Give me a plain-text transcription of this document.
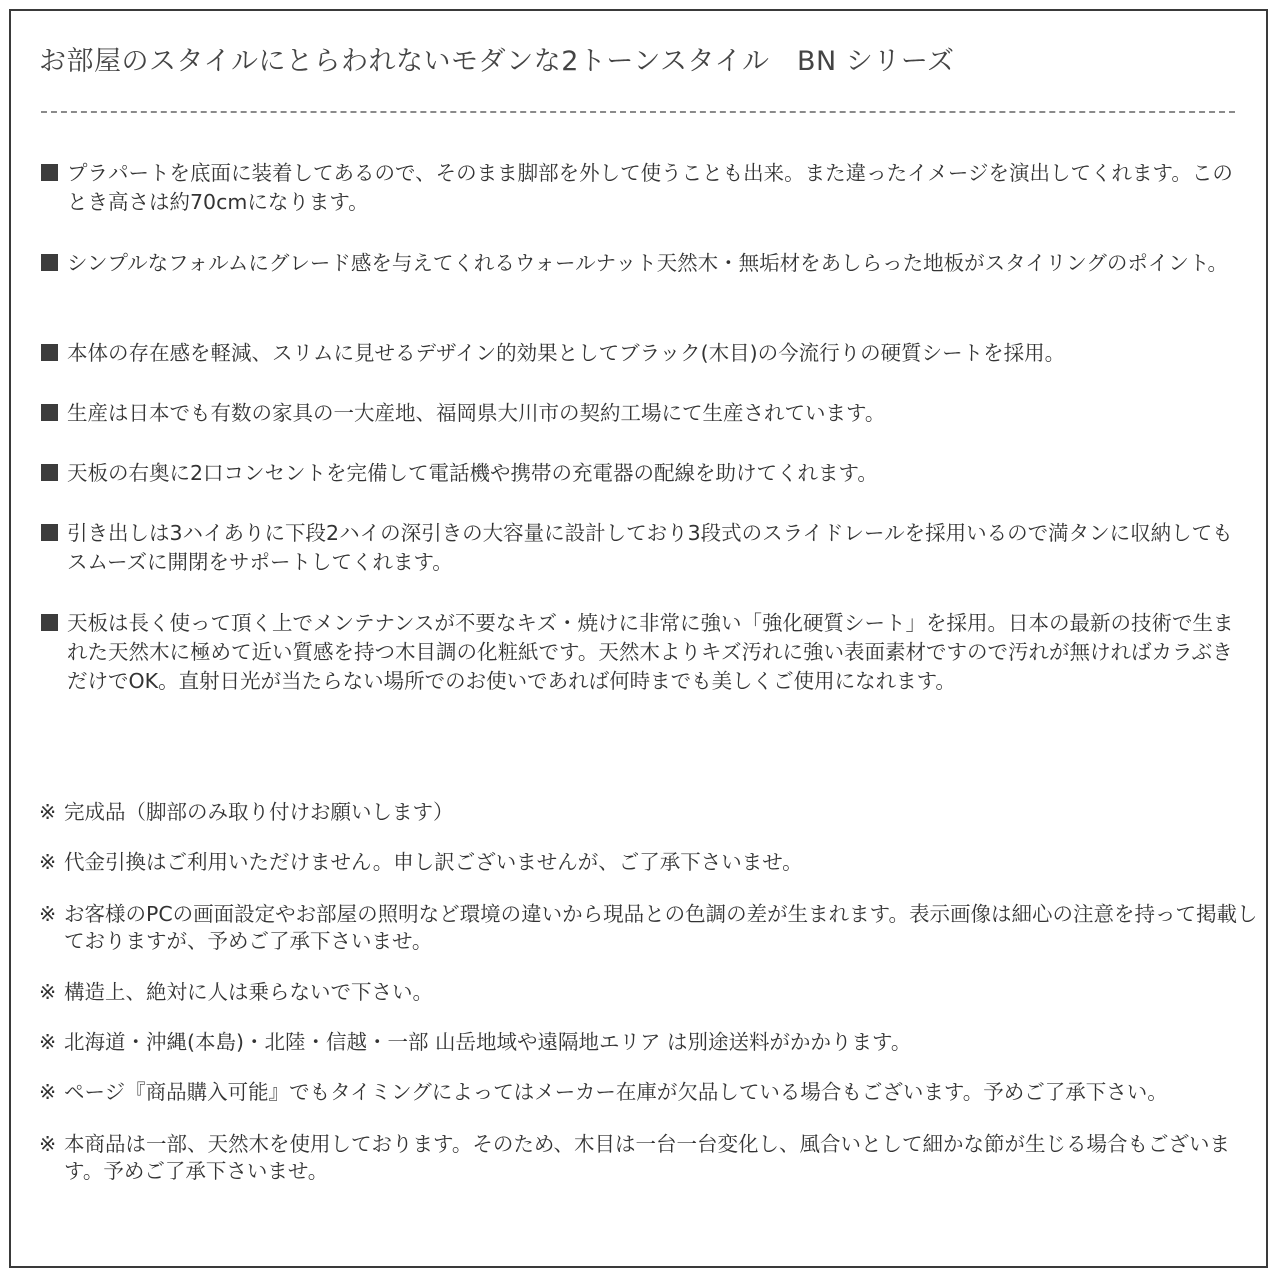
お部屋のスタイルにとらわれないモダンな2トーンスタイル　BN シリーズ
プラパートを底面に装着してあるので、そのまま脚部を外して使うことも出来。また違ったイメージを演出してくれます。このとき高さは約70cmになります。
シンプルなフォルムにグレード感を与えてくれるウォールナット天然木・無垢材をあしらった地板がスタイリングのポイント。
本体の存在感を軽減、スリムに見せるデザイン的効果としてブラック(木目)の今流行りの硬質シートを採用。
生産は日本でも有数の家具の一大産地、福岡県大川市の契約工場にて生産されています。
天板の右奥に2口コンセントを完備して電話機や携帯の充電器の配線を助けてくれます。
引き出しは3ハイありに下段2ハイの深引きの大容量に設計しており3段式のスライドレールを採用いるので満タンに収納してもスムーズに開閉をサポートしてくれます。
天板は長く使って頂く上でメンテナンスが不要なキズ・焼けに非常に強い「強化硬質シート」を採用。日本の最新の技術で生まれた天然木に極めて近い質感を持つ木目調の化粧紙です。天然木よりキズ汚れに強い表面素材ですので汚れが無ければカラぶきだけでOK。直射日光が当たらない場所でのお使いであれば何時までも美しくご使用になれます。
※ 完成品（脚部のみ取り付けお願いします）
※ 代金引換はご利用いただけません。申し訳ございませんが、ご了承下さいませ。
※ お客様のPCの画面設定やお部屋の照明など環境の違いから現品との色調の差が生まれます。表示画像は細心の注意を持って掲載しておりますが、予めご了承下さいませ。
※ 構造上、絶対に人は乗らないで下さい。
※ 北海道・沖縄(本島)・北陸・信越・一部 山岳地域や遠隔地エリア は別途送料がかかります。
※ ページ『商品購入可能』でもタイミングによってはメーカー在庫が欠品している場合もございます。予めご了承下さい。
※ 本商品は一部、天然木を使用しております。そのため、木目は一台一台変化し、風合いとして細かな節が生じる場合もございます。予めご了承下さいませ。
